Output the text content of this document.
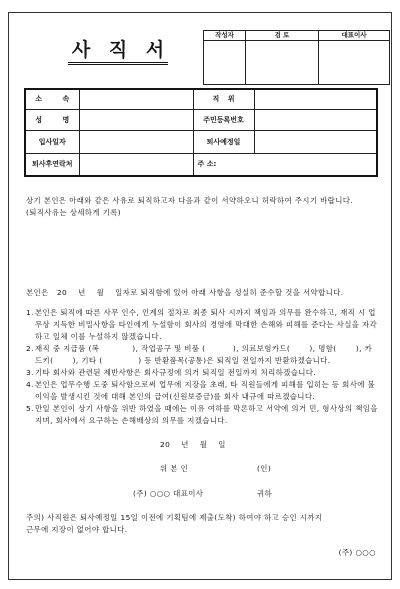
사 직 서
작성자	검 토	대표이사

소 속		직 위	
성 명		주민등록번호	
입사일자		퇴사예정일	
퇴사후연락처		주 소:	

상기 본인은 아래와 같은 사유로 퇴직하고자 다음과 같이 서약하오니 허락하여 주시기 바랍니다.

(퇴직사유는 상세하게 기록)

본인은   20    년    월    일자로 퇴직함에 있어 아래 사항을 성실히 준수할 것을 서약합니다.

1. 본인은 퇴직에 따른 사무 인수, 인계의 절차로 최종 퇴사 시까지 책임과 의무를 완수하고, 재직 시 업무상 지득한 비밀사항을 타인에게 누설함이 회사의 경영에 막대한 손해와 피해를 준다는 사실을 자각하고 일체 이를 누설하지 않겠습니다.
2. 재직 중 지급품 (복            ), 작업공구 및 비품 (          ), 의료보험카드(       ), 명함(       ), 카드키(       ), 기타 (             ) 등 반환품목(공통)은 퇴직일 전일까지 반환하겠습니다.
3. 기타 회사와 관련된 제반사항은 회사규정에 의거 퇴직일 전일까지 처리하겠습니다.
4. 본인은 업무수행 도중 퇴사함으로써 업무에 지장을 초래, 타 직원들에게 피해를 입히는 등 회사에 불이익을 발생시킨 것에 대해 본인의 급여(신원보증금)를 회사 내규에 따르겠습니다.
5. 만일 본인이 상기 사항을 위반 하였을 때에는 이유 여하를 막론하고 서약에 의거 민, 형사상의 책임을 지며, 회사에서 요구하는 손해배상의 의무를 지겠습니다.

20    년    월    일

위 본 인	(인)
(주) ○○○ 대표이사	귀하

주의) 사직원은 퇴사예정일 15일 이전에 기획팀에 제출(도착) 하여야 하고 승인 시까지

근무에 지장이 없어야 합니다.

(주) ○○○
